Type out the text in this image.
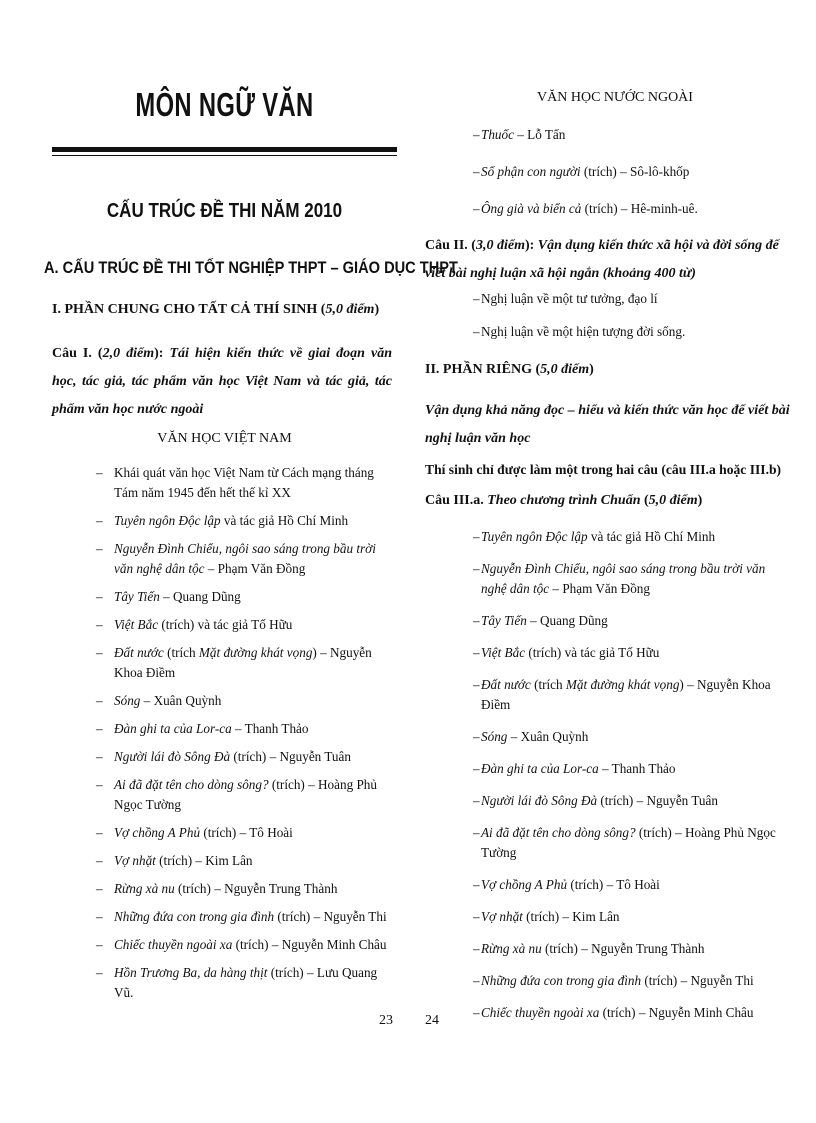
MÔN NGỮ VĂN
CẤU TRÚC ĐỀ THI NĂM 2010
A. CẤU TRÚC ĐỀ THI TỐT NGHIỆP THPT – GIÁO DỤC THPT
I. PHẦN CHUNG CHO TẤT CẢ THÍ SINH (5,0 điểm)
Câu I. (2,0 điểm): Tái hiện kiến thức về giai đoạn văn học, tác giả, tác phẩm văn học Việt Nam và tác giả, tác phẩm văn học nước ngoài
VĂN HỌC VIỆT NAM
– Khái quát văn học Việt Nam từ Cách mạng tháng Tám năm 1945 đến hết thế kỉ XX
– Tuyên ngôn Độc lập và tác giả Hồ Chí Minh
– Nguyễn Đình Chiểu, ngôi sao sáng trong bầu trời văn nghệ dân tộc – Phạm Văn Đồng
– Tây Tiến – Quang Dũng
– Việt Bắc (trích) và tác giả Tố Hữu
– Đất nước (trích Mặt đường khát vọng) – Nguyễn Khoa Điềm
– Sóng – Xuân Quỳnh
– Đàn ghi ta của Lor-ca – Thanh Thảo
– Người lái đò Sông Đà (trích) – Nguyễn Tuân
– Ai đã đặt tên cho dòng sông? (trích) – Hoàng Phủ Ngọc Tường
– Vợ chồng A Phủ (trích) – Tô Hoài
– Vợ nhặt (trích) – Kim Lân
– Rừng xà nu (trích) – Nguyễn Trung Thành
– Những đứa con trong gia đình (trích) – Nguyễn Thi
– Chiếc thuyền ngoài xa (trích) – Nguyễn Minh Châu
– Hồn Trương Ba, da hàng thịt (trích) – Lưu Quang Vũ.
23
VĂN HỌC NƯỚC NGOÀI
– Thuốc – Lỗ Tấn
– Số phận con người (trích) – Sô-lô-khốp
– Ông già và biển cả (trích) – Hê-minh-uê.
Câu II. (3,0 điểm): Vận dụng kiến thức xã hội và đời sống để viết bài nghị luận xã hội ngắn (khoảng 400 từ)
– Nghị luận về một tư tưởng, đạo lí
– Nghị luận về một hiện tượng đời sống.
II. PHẦN RIÊNG (5,0 điểm)
Vận dụng khả năng đọc – hiểu và kiến thức văn học để viết bài nghị luận văn học
Thí sinh chỉ được làm một trong hai câu (câu III.a hoặc III.b)
Câu III.a. Theo chương trình Chuẩn (5,0 điểm)
– Tuyên ngôn Độc lập và tác giả Hồ Chí Minh
– Nguyễn Đình Chiểu, ngôi sao sáng trong bầu trời văn nghệ dân tộc – Phạm Văn Đồng
– Tây Tiến – Quang Dũng
– Việt Bắc (trích) và tác giả Tố Hữu
– Đất nước (trích Mặt đường khát vọng) – Nguyễn Khoa Điềm
– Sóng – Xuân Quỳnh
– Đàn ghi ta của Lor-ca – Thanh Thảo
– Người lái đò Sông Đà (trích) – Nguyễn Tuân
– Ai đã đặt tên cho dòng sông? (trích) – Hoàng Phủ Ngọc Tường
– Vợ chồng A Phủ (trích) – Tô Hoài
– Vợ nhặt (trích) – Kim Lân
– Rừng xà nu (trích) – Nguyễn Trung Thành
– Những đứa con trong gia đình (trích) – Nguyễn Thi
– Chiếc thuyền ngoài xa (trích) – Nguyễn Minh Châu
24
